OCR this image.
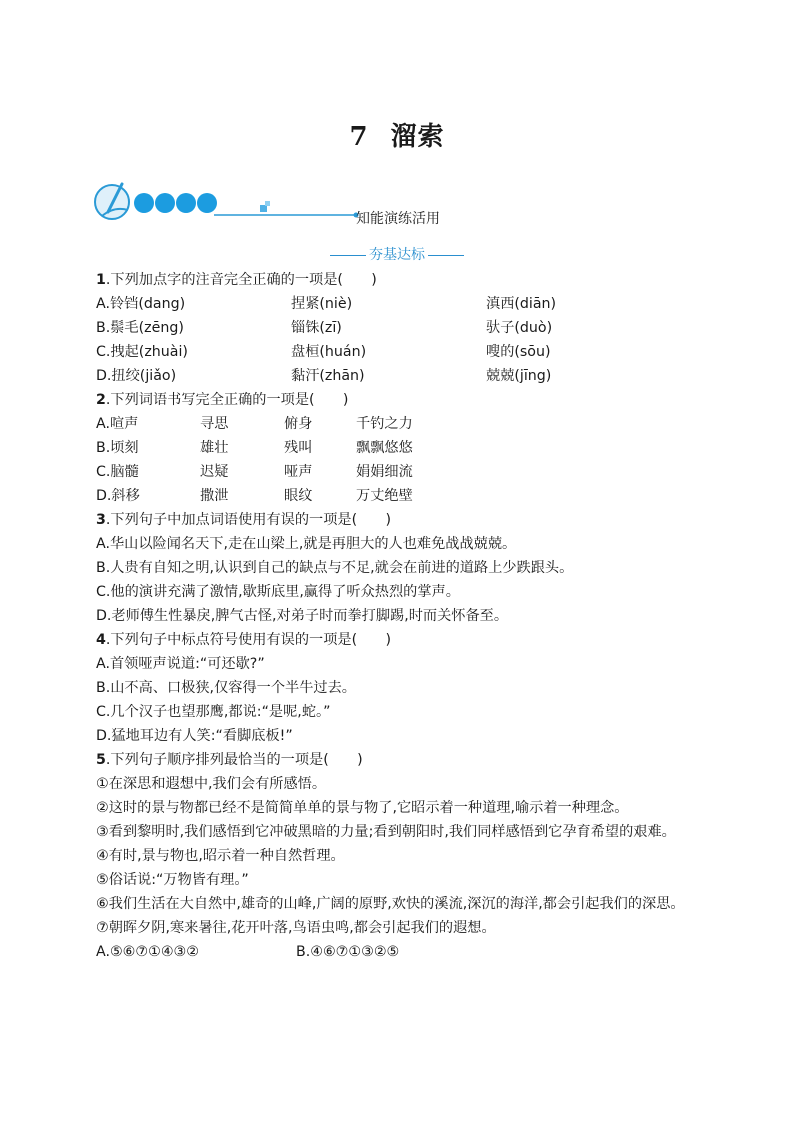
7 溜索
知能演练活用
夯基达标
1.下列加点字的注音完全正确的一项是(　　)
A.铃铛(dang)	捏紧(niè)	滇西(diān)
B.鬃毛(zēng)	锱铢(zī)	驮子(duò)
C.拽起(zhuài)	盘桓(huán)	嗖的(sōu)
D.扭绞(jiǎo)	黏汗(zhān)	兢兢(jīng)
2.下列词语书写完全正确的一项是(　　)
A.喧声	寻思	俯身	千钓之力
B.顷刻	雄壮	残叫	飘飘悠悠
C.脑髓	迟疑	哑声	娟娟细流
D.斜移	撒泄	眼纹	万丈绝壁
3.下列句子中加点词语使用有误的一项是(　　)
A.华山以险闻名天下,走在山梁上,就是再胆大的人也难免战战兢兢。
B.人贵有自知之明,认识到自己的缺点与不足,就会在前进的道路上少跌跟头。
C.他的演讲充满了激情,歇斯底里,赢得了听众热烈的掌声。
D.老师傅生性暴戾,脾气古怪,对弟子时而拳打脚踢,时而关怀备至。
4.下列句子中标点符号使用有误的一项是(　　)
A.首领哑声说道:“可还歇?”
B.山不高、口极狭,仅容得一个半牛过去。
C.几个汉子也望那鹰,都说:“是呢,蛇。”
D.猛地耳边有人笑:“看脚底板!”
5.下列句子顺序排列最恰当的一项是(　　)
①在深思和遐想中,我们会有所感悟。
②这时的景与物都已经不是简简单单的景与物了,它昭示着一种道理,喻示着一种理念。
③看到黎明时,我们感悟到它冲破黑暗的力量;看到朝阳时,我们同样感悟到它孕育希望的艰难。
④有时,景与物也,昭示着一种自然哲理。
⑤俗话说:“万物皆有理。”
⑥我们生活在大自然中,雄奇的山峰,广阔的原野,欢快的溪流,深沉的海洋,都会引起我们的深思。
⑦朝晖夕阴,寒来暑往,花开叶落,鸟语虫鸣,都会引起我们的遐想。
A.⑤⑥⑦①④③②	B.④⑥⑦①③②⑤
